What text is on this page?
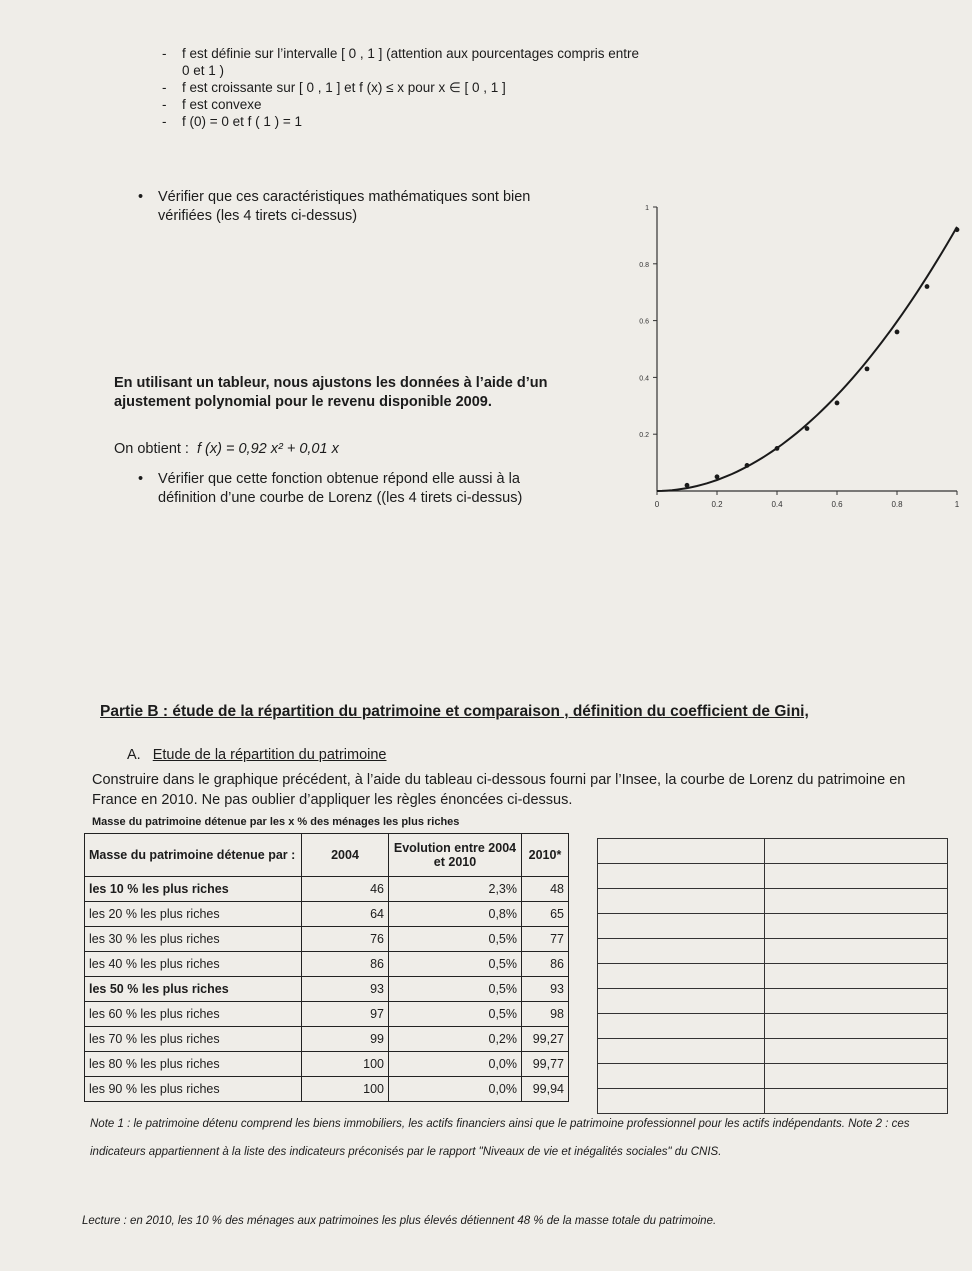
- f est définie sur l’intervalle [ 0 , 1 ] (attention aux pourcentages compris entre 0 et 1 )
- f est croissante sur [ 0 , 1 ] et f (x) ≤ x pour x ∈ [ 0 , 1 ]
- f est convexe
- f (0) = 0 et f ( 1 ) = 1
•	Vérifier que ces caractéristiques mathématiques sont bien vérifiées (les 4 tirets ci-dessus)
En utilisant un tableur, nous ajustons les données à l’aide d’un ajustement polynomial pour le revenu disponible 2009.
On obtient : f (x) = 0,92 x² + 0,01 x
•	Vérifier que cette fonction obtenue répond elle aussi à la définition d’une courbe de Lorenz ((les 4 tirets ci-dessus)	0	0.2	0.4	0.6	0.8	1
0.2
0.4
0.6
0.8
1
Partie B : étude de la répartition du patrimoine et comparaison , définition du coefficient de Gini,
A. Etude de la répartition du patrimoine
Construire dans le graphique précédent, à l’aide du tableau ci-dessous fourni par l’Insee, la courbe de Lorenz du patrimoine en France en 2010. Ne pas oublier d’appliquer les règles énoncées ci-dessus.
Masse du patrimoine détenue par les x % des ménages les plus riches
Masse du patrimoine détenue par :	2004	Evolution entre 2004 et 2010	2010*
les 10 % les plus riches	46	2,3%	48
les 20 % les plus riches	64	0,8%	65
les 30 % les plus riches	76	0,5%	77
les 40 % les plus riches	86	0,5%	86
les 50 % les plus riches	93	0,5%	93
les 60 % les plus riches	97	0,5%	98
les 70 % les plus riches	99	0,2%	99,27
les 80 % les plus riches	100	0,0%	99,77
les 90 % les plus riches	100	0,0%	99,94

Note 1 : le patrimoine détenu comprend les biens immobiliers, les actifs financiers ainsi que le patrimoine professionnel pour les actifs indépendants. Note 2 : ces indicateurs appartiennent à la liste des indicateurs préconisés par le rapport "Niveaux de vie et inégalités sociales" du CNIS.
Lecture : en 2010, les 10 % des ménages aux patrimoines les plus élevés détiennent 48 % de la masse totale du patrimoine.
